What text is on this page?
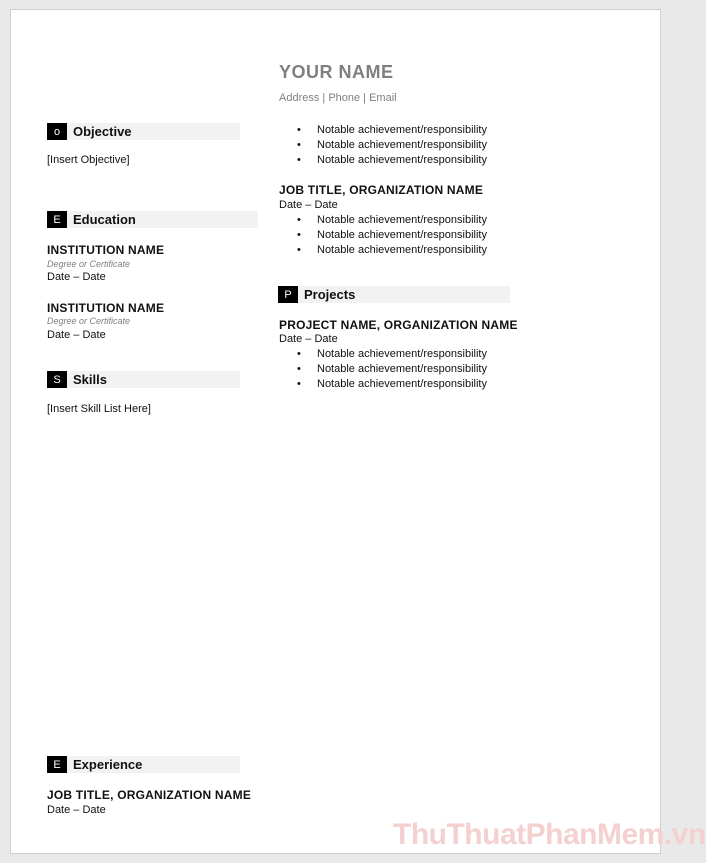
YOUR NAME
Address | Phone | Email
o Objective
[Insert Objective]
E Education
INSTITUTION NAME
Degree or Certificate
Date – Date
INSTITUTION NAME
Degree or Certificate
Date – Date
S Skills
[Insert Skill List Here]
E Experience
JOB TITLE, ORGANIZATION NAME
Date – Date
• Notable achievement/responsibility
• Notable achievement/responsibility
• Notable achievement/responsibility
JOB TITLE, ORGANIZATION NAME
Date – Date
• Notable achievement/responsibility
• Notable achievement/responsibility
• Notable achievement/responsibility
P Projects
PROJECT NAME, ORGANIZATION NAME
Date – Date
• Notable achievement/responsibility
• Notable achievement/responsibility
• Notable achievement/responsibility
ThuThuatPhanMem.vn
